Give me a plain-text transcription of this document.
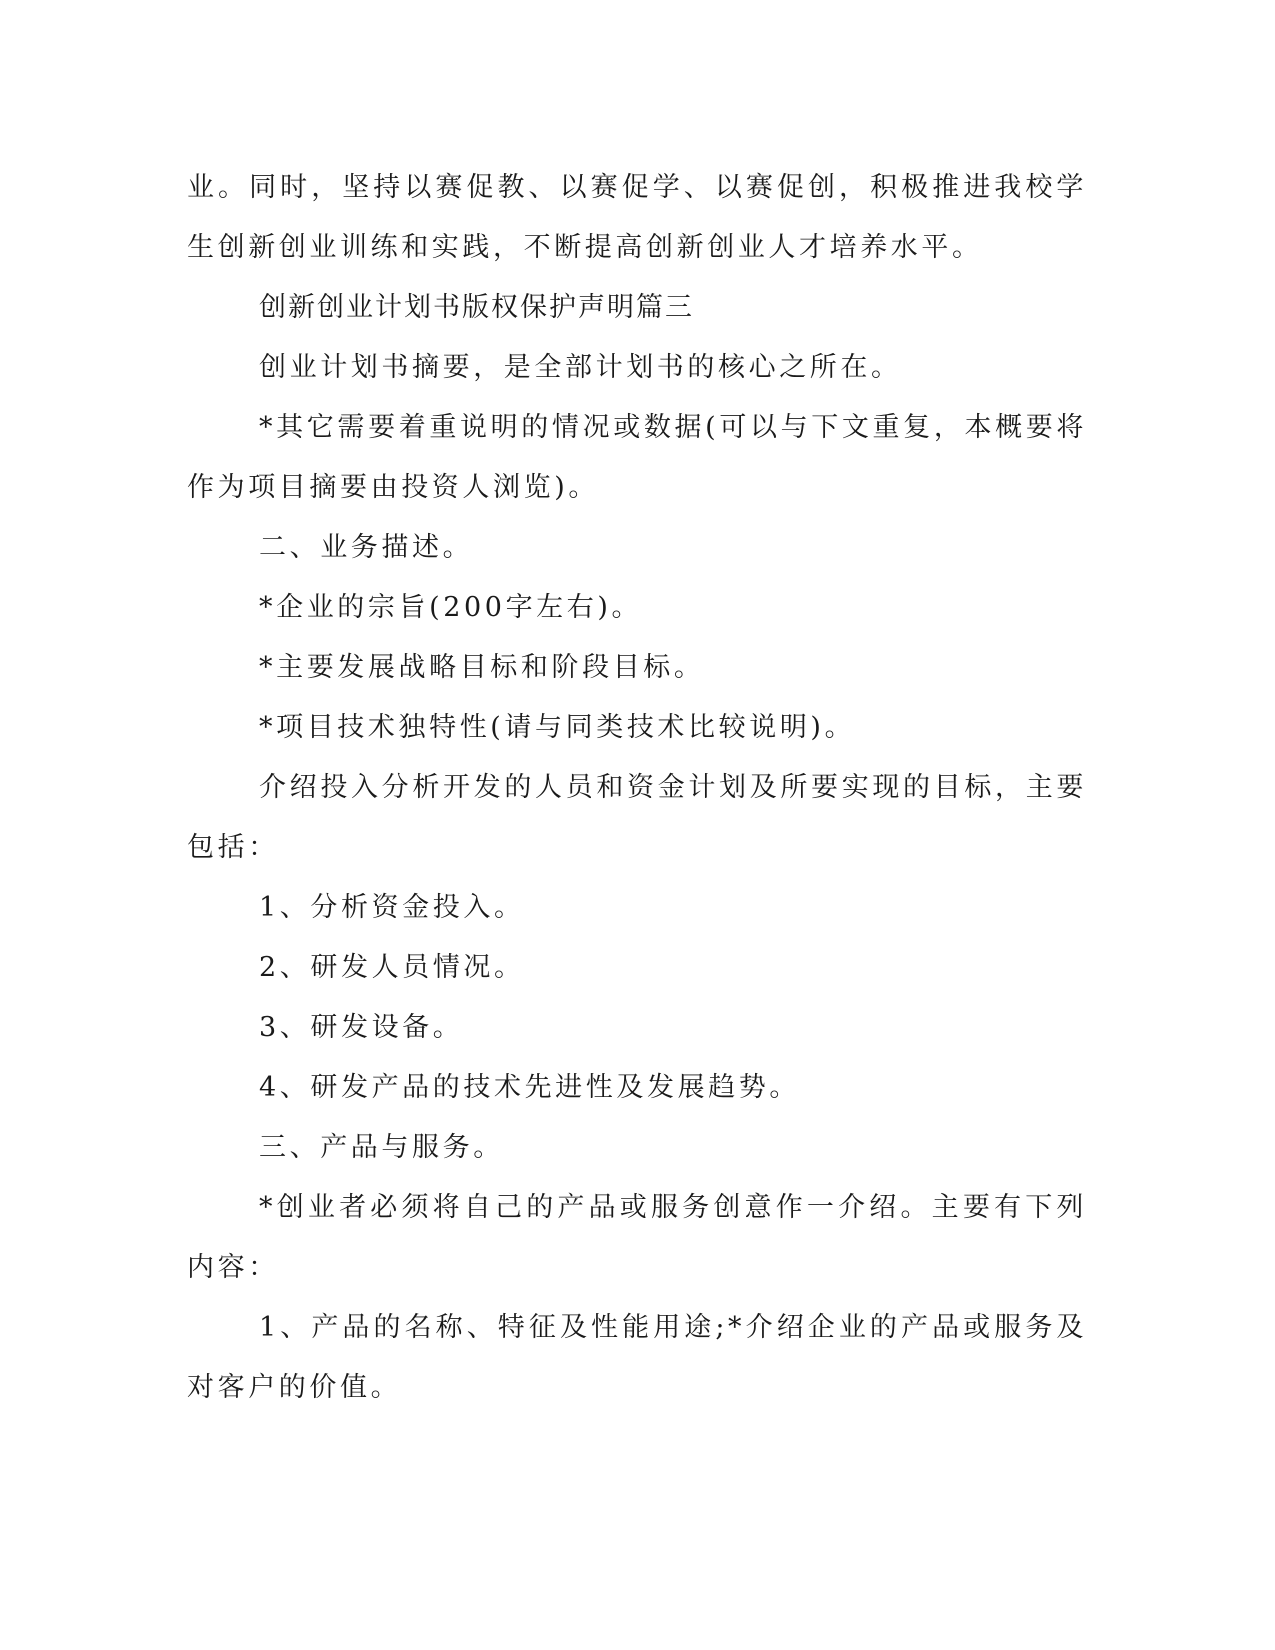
业。同时，坚持以赛促教、以赛促学、以赛促创，积极推进我校学生创新创业训练和实践，不断提高创新创业人才培养水平。

创新创业计划书版权保护声明篇三

创业计划书摘要，是全部计划书的核心之所在。

*其它需要着重说明的情况或数据(可以与下文重复，本概要将作为项目摘要由投资人浏览)。

二、业务描述。

*企业的宗旨(200字左右)。

*主要发展战略目标和阶段目标。

*项目技术独特性(请与同类技术比较说明)。

介绍投入分析开发的人员和资金计划及所要实现的目标，主要包括：

1、分析资金投入。

2、研发人员情况。

3、研发设备。

4、研发产品的技术先进性及发展趋势。

三、产品与服务。

*创业者必须将自己的产品或服务创意作一介绍。主要有下列内容：

1、产品的名称、特征及性能用途;*介绍企业的产品或服务及对客户的价值。
